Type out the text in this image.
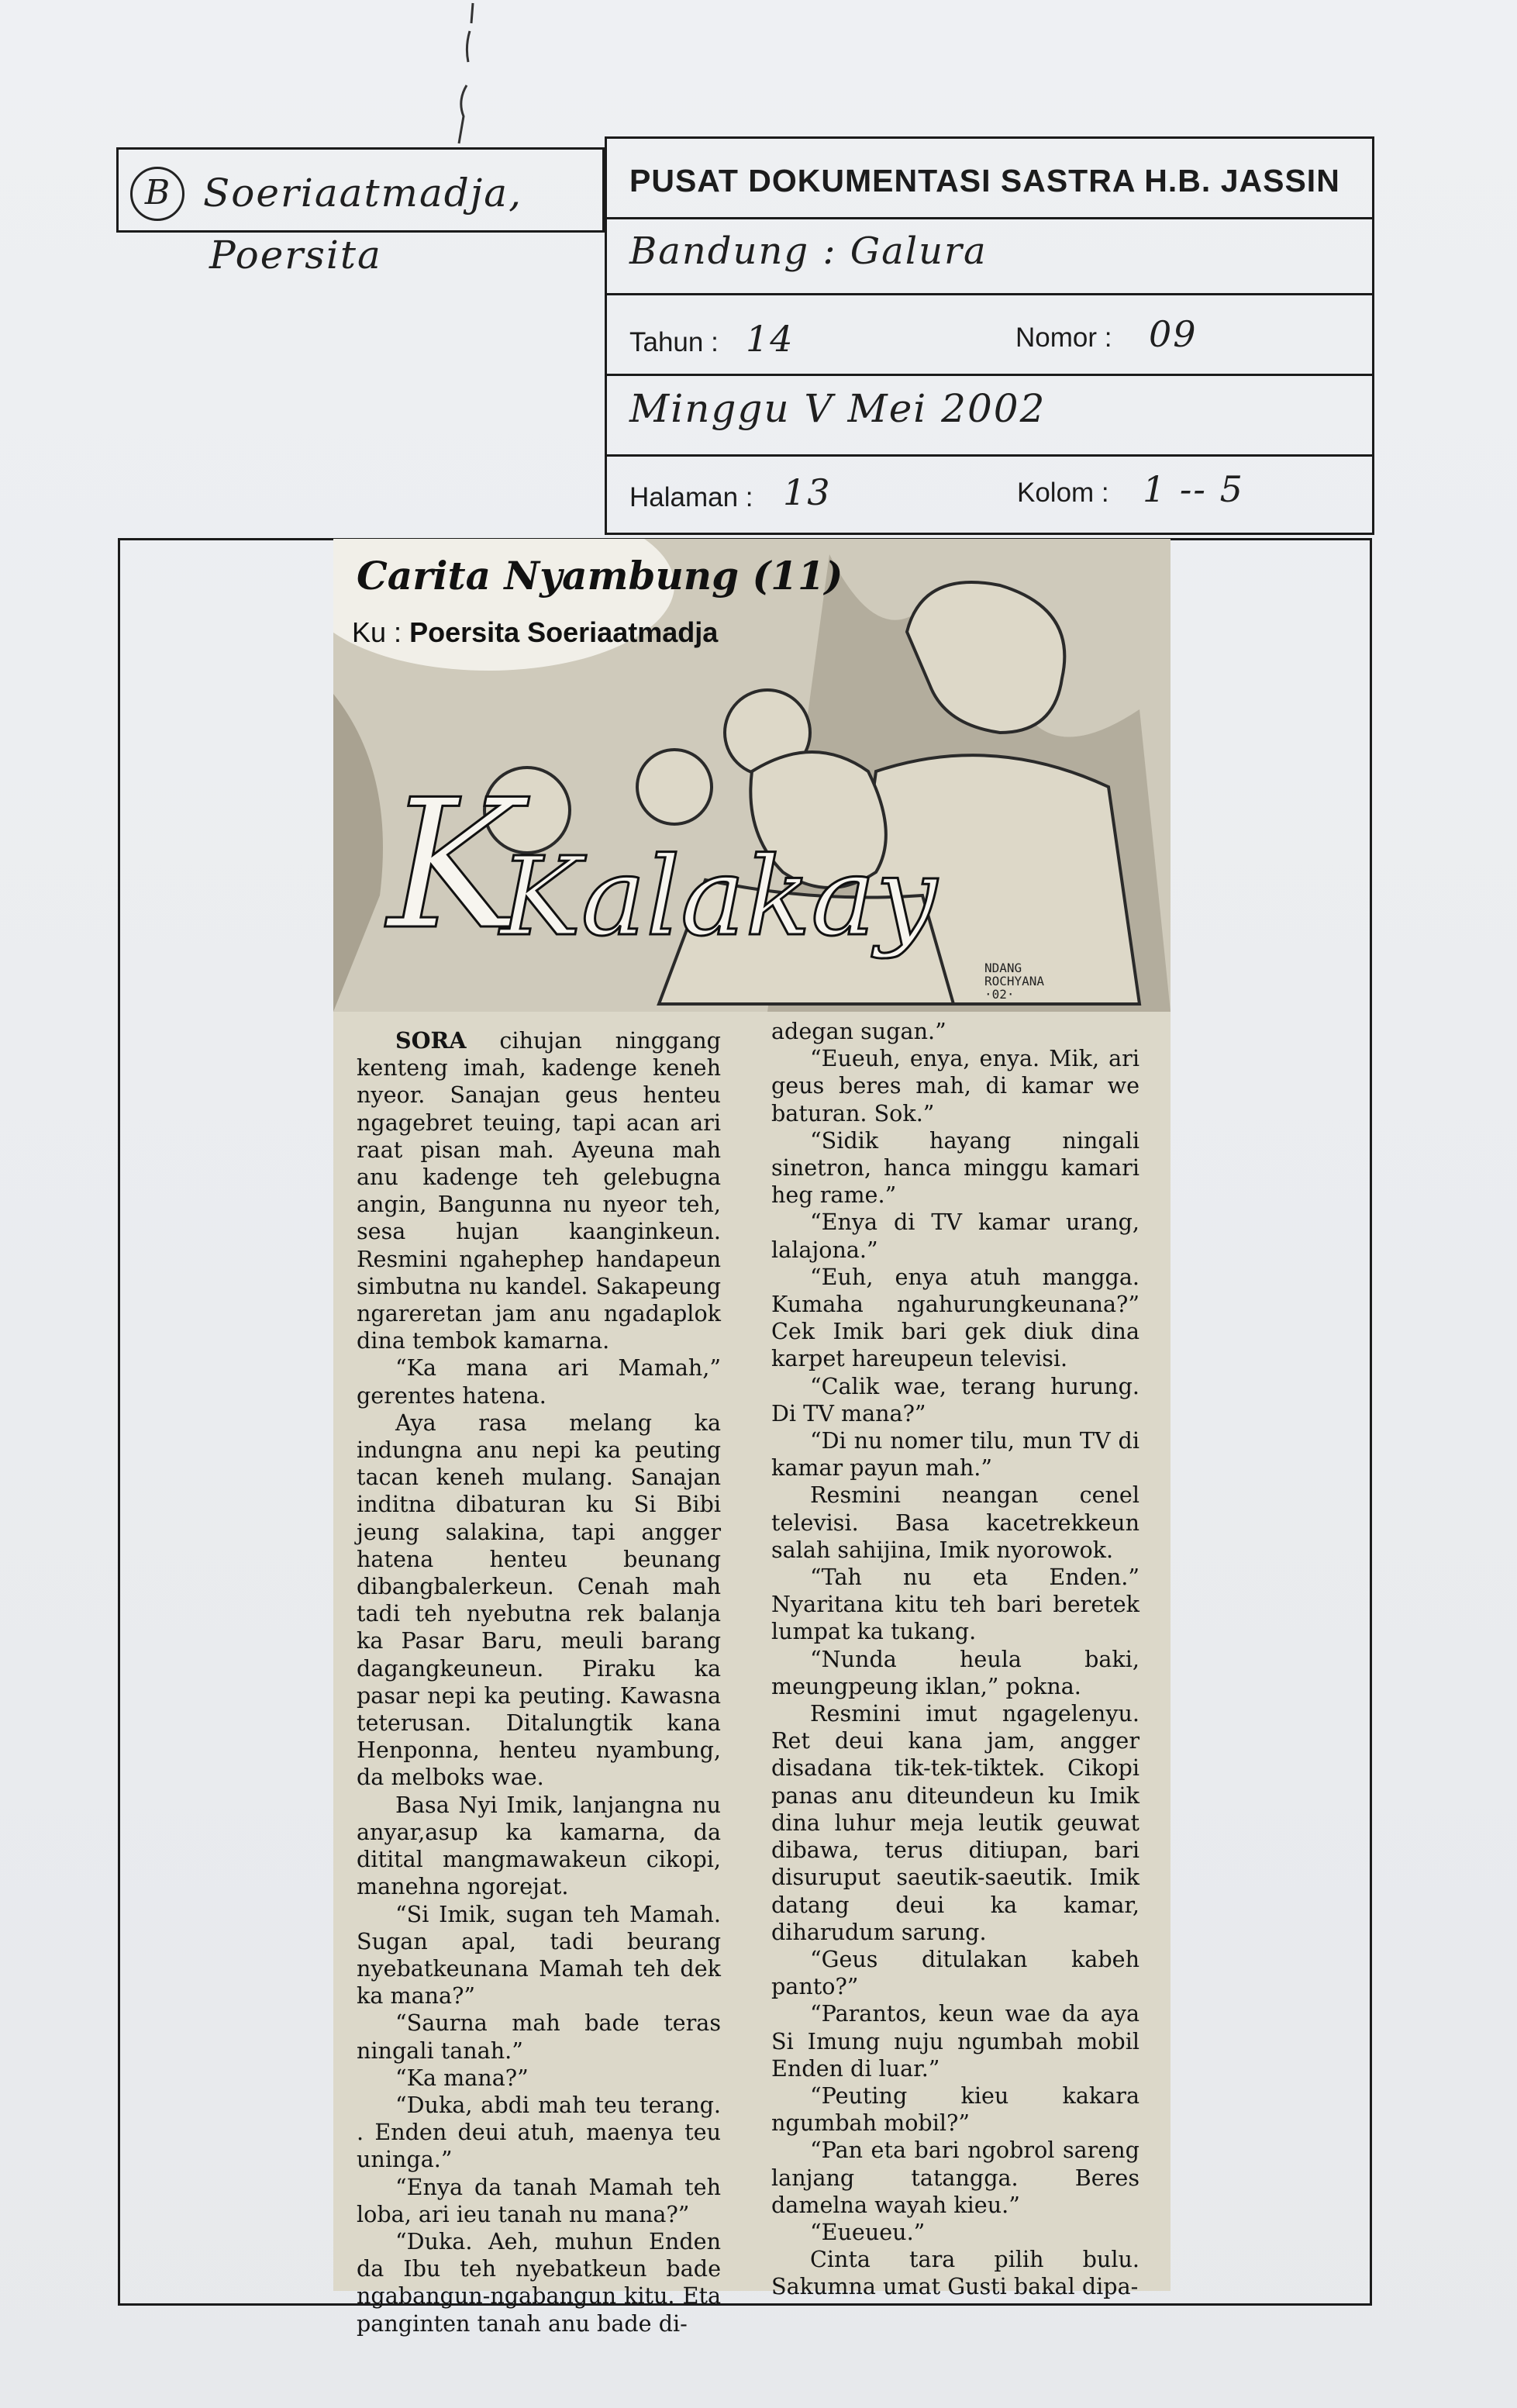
B Soeriaatmadja,
Poersita
PUSAT DOKUMENTASI SASTRA H.B. JASSIN
Bandung : Galura
Tahun : 14	Nomor : 09
Minggu V Mei 2002
Halaman : 13	Kolom : 1 -- 5
K
Kalakay
Carita Nyambung (11)
Ku : Poersita Soeriaatmadja
NDANG
ROCHYANA
·02·

SORA cihujan ninggang kenteng imah, kadenge keneh nyeor. Sanajan geus henteu ngagebret teuing, tapi acan ari raat pisan mah. Ayeuna mah anu kadenge teh gelebugna angin, Bangunna nu nyeor teh, sesa hujan kaanginkeun. Resmini ngahephep handapeun simbutna nu kandel. Sakapeung ngareretan jam anu ngadaplok dina tembok kamarna.

“Ka mana ari Mamah,” gerentes hatena.

Aya rasa melang ka indungna anu nepi ka peuting tacan keneh mulang. Sanajan inditna dibaturan ku Si Bibi jeung salakina, tapi angger hatena henteu beunang dibangbalerkeun. Cenah mah tadi teh nyebutna rek balanja ka Pasar Baru, meuli barang dagangkeuneun. Piraku ka pasar nepi ka peuting. Kawasna teterusan. Ditalungtik kana Henponna, henteu nyambung, da melboks wae.

Basa Nyi Imik, lanjangna nu anyar,asup ka kamarna, da ditital mangmawakeun cikopi, manehna ngorejat.

“Si Imik, sugan teh Mamah. Sugan apal, tadi beurang nyebatkeunana Mamah teh dek ka mana?”

“Saurna mah bade teras ningali tanah.”

“Ka mana?”

“Duka, abdi mah teu terang. . Enden deui atuh, maenya teu uninga.”

“Enya da tanah Mamah teh loba, ari ieu tanah nu mana?”

“Duka. Aeh, muhun Enden da Ibu teh nyebatkeun bade ngabangun-ngabangun kitu. Eta panginten tanah anu bade di-

adegan sugan.”

“Eueuh, enya, enya. Mik, ari geus beres mah, di kamar we baturan. Sok.”

“Sidik hayang ningali sinetron, hanca minggu kamari heg rame.”

“Enya di TV kamar urang, lalajona.”

“Euh, enya atuh mangga. Kumaha ngahurungkeunana?” Cek Imik bari gek diuk dina karpet hareupeun televisi.

“Calik wae, terang hurung. Di TV mana?”

“Di nu nomer tilu, mun TV di kamar payun mah.”

Resmini neangan cenel televisi. Basa kacetrekkeun salah sahijina, Imik nyorowok.

“Tah nu eta Enden.” Nyaritana kitu teh bari beretek lumpat ka tukang.

“Nunda heula baki, meungpeung iklan,” pokna.

Resmini imut ngagelenyu. Ret deui kana jam, angger disadana tik-tek-tiktek. Cikopi panas anu diteundeun ku Imik dina luhur meja leutik geuwat dibawa, terus ditiupan, bari disuruput saeutik-saeutik. Imik datang deui ka kamar, diharudum sarung.

“Geus ditulakan kabeh panto?”

“Parantos, keun wae da aya Si Imung nuju ngumbah mobil Enden di luar.”

“Peuting kieu kakara ngumbah mobil?”

“Pan eta bari ngobrol sareng lanjang tatangga. Beres damelna wayah kieu.”

“Eueueu.”

Cinta tara pilih bulu. Sakumna umat Gusti bakal dipa-
